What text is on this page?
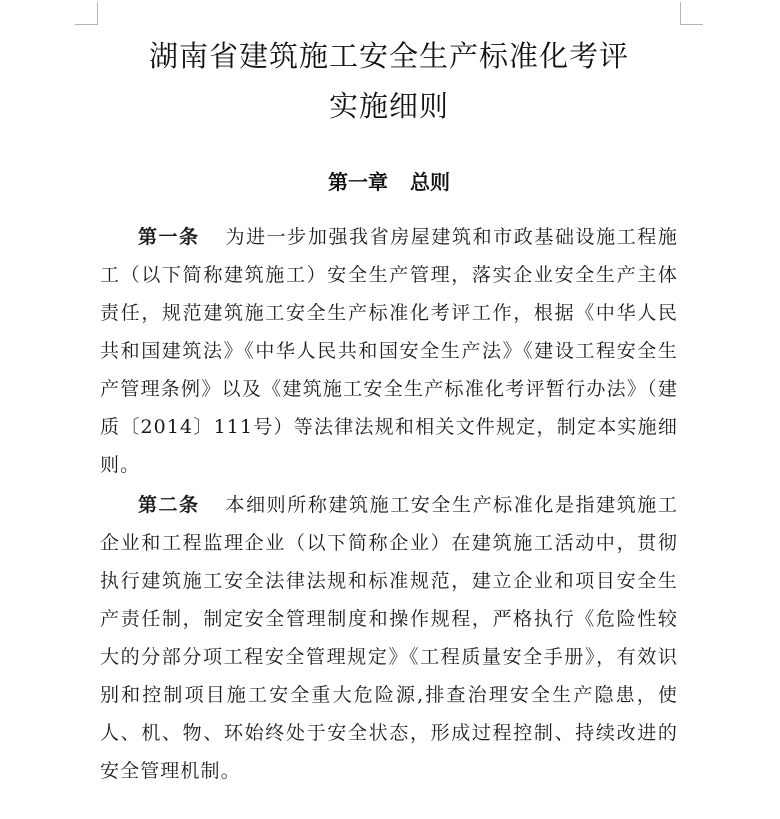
湖南省建筑施工安全生产标准化考评
实施细则
第一章 总则

第一条 为进一步加强我省房屋建筑和市政基础设施工程施工（以下简称建筑施工）安全生产管理，落实企业安全生产主体责任，规范建筑施工安全生产标准化考评工作，根据《中华人民共和国建筑法》《中华人民共和国安全生产法》《建设工程安全生产管理条例》以及《建筑施工安全生产标准化考评暂行办法》（建质〔2014〕111号）等法律法规和相关文件规定，制定本实施细则。

第二条 本细则所称建筑施工安全生产标准化是指建筑施工企业和工程监理企业（以下简称企业）在建筑施工活动中，贯彻执行建筑施工安全法律法规和标准规范，建立企业和项目安全生产责任制，制定安全管理制度和操作规程，严格执行《危险性较大的分部分项工程安全管理规定》《工程质量安全手册》，有效识别和控制项目施工安全重大危险源,排查治理安全生产隐患，使人、机、物、环始终处于安全状态，形成过程控制、持续改进的安全管理机制。
